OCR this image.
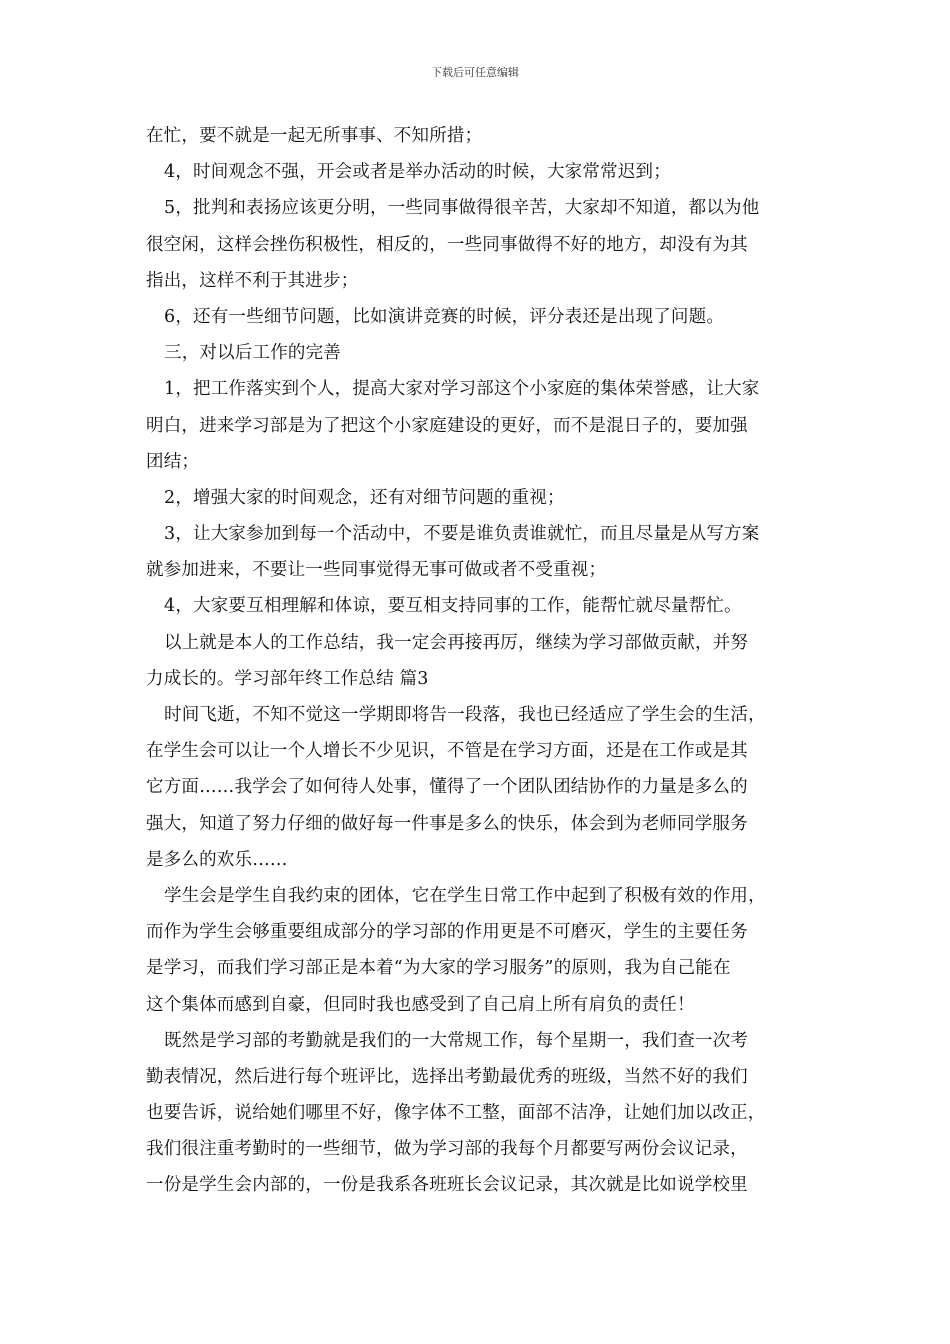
下载后可任意编辑
在忙，要不就是一起无所事事、不知所措；
4，时间观念不强，开会或者是举办活动的时候，大家常常迟到；
5，批判和表扬应该更分明，一些同事做得很辛苦，大家却不知道，都以为他
很空闲，这样会挫伤积极性，相反的，一些同事做得不好的地方，却没有为其
指出，这样不利于其进步；
6，还有一些细节问题，比如演讲竞赛的时候，评分表还是出现了问题。
三，对以后工作的完善
1，把工作落实到个人，提高大家对学习部这个小家庭的集体荣誉感，让大家
明白，进来学习部是为了把这个小家庭建设的更好，而不是混日子的，要加强
团结；
2，增强大家的时间观念，还有对细节问题的重视；
3，让大家参加到每一个活动中，不要是谁负责谁就忙，而且尽量是从写方案
就参加进来，不要让一些同事觉得无事可做或者不受重视；
4，大家要互相理解和体谅，要互相支持同事的工作，能帮忙就尽量帮忙。
以上就是本人的工作总结，我一定会再接再厉，继续为学习部做贡献，并努
力成长的。学习部年终工作总结 篇3
时间飞逝，不知不觉这一学期即将告一段落，我也已经适应了学生会的生活，
在学生会可以让一个人增长不少见识，不管是在学习方面，还是在工作或是其
它方面……我学会了如何待人处事，懂得了一个团队团结协作的力量是多么的
强大，知道了努力仔细的做好每一件事是多么的快乐，体会到为老师同学服务
是多么的欢乐……
学生会是学生自我约束的团体，它在学生日常工作中起到了积极有效的作用，
而作为学生会够重要组成部分的学习部的作用更是不可磨灭，学生的主要任务
是学习，而我们学习部正是本着“为大家的学习服务”的原则，我为自己能在
这个集体而感到自豪，但同时我也感受到了自己肩上所有肩负的责任！
既然是学习部的考勤就是我们的一大常规工作，每个星期一，我们查一次考
勤表情况，然后进行每个班评比，选择出考勤最优秀的班级，当然不好的我们
也要告诉，说给她们哪里不好，像字体不工整，面部不洁净，让她们加以改正，
我们很注重考勤时的一些细节，做为学习部的我每个月都要写两份会议记录，
一份是学生会内部的，一份是我系各班班长会议记录，其次就是比如说学校里
